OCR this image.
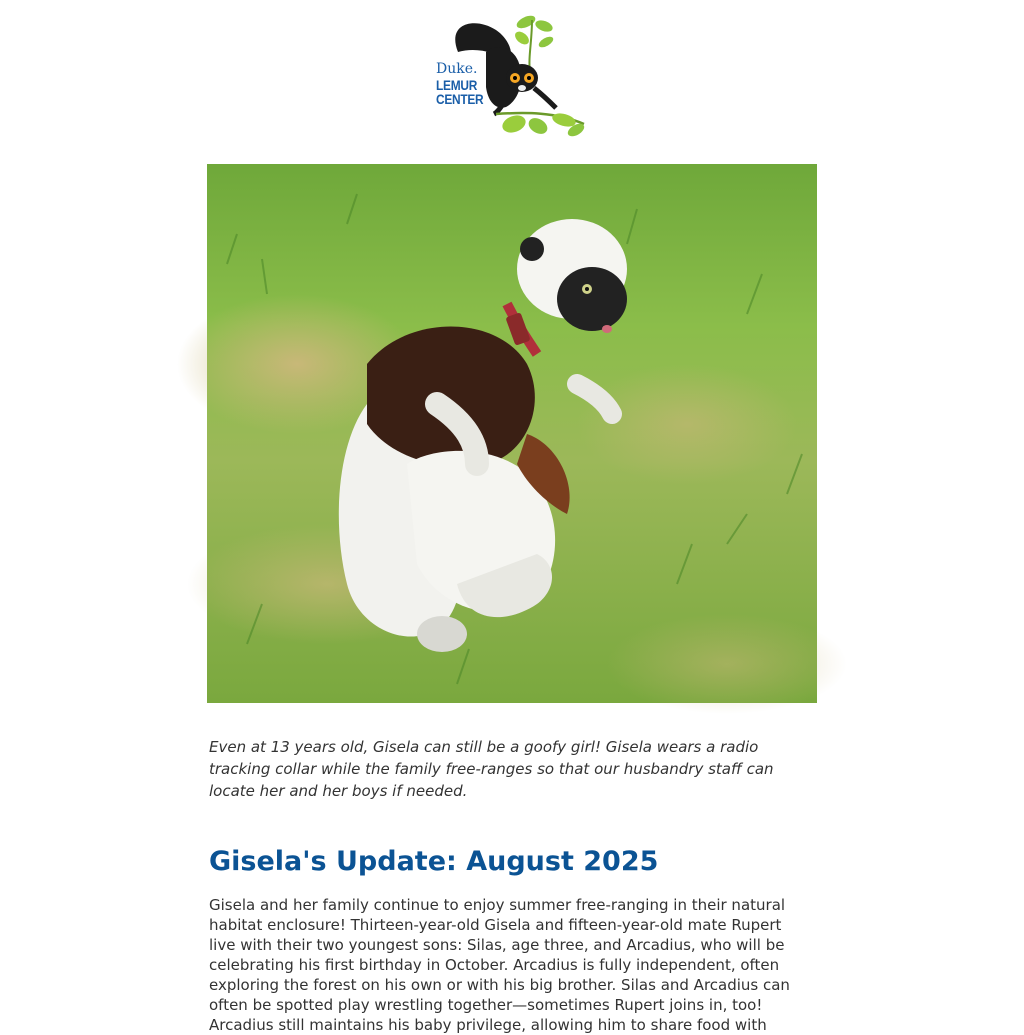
Duke.
LEMUR
CENTER

Even at 13 years old, Gisela can still be a goofy girl! Gisela wears a radio tracking collar while the family free-ranges so that our husbandry staff can locate her and her boys if needed.

Gisela's Update: August 2025

Gisela and her family continue to enjoy summer free-ranging in their natural habitat enclosure! Thirteen-year-old Gisela and fifteen-year-old mate Rupert live with their two youngest sons: Silas, age three, and Arcadius, who will be celebrating his first birthday in October. Arcadius is fully independent, often exploring the forest on his own or with his big brother. Silas and Arcadius can often be spotted play wrestling together—sometimes Rupert joins in, too! Arcadius still maintains his baby privilege, allowing him to share food with
